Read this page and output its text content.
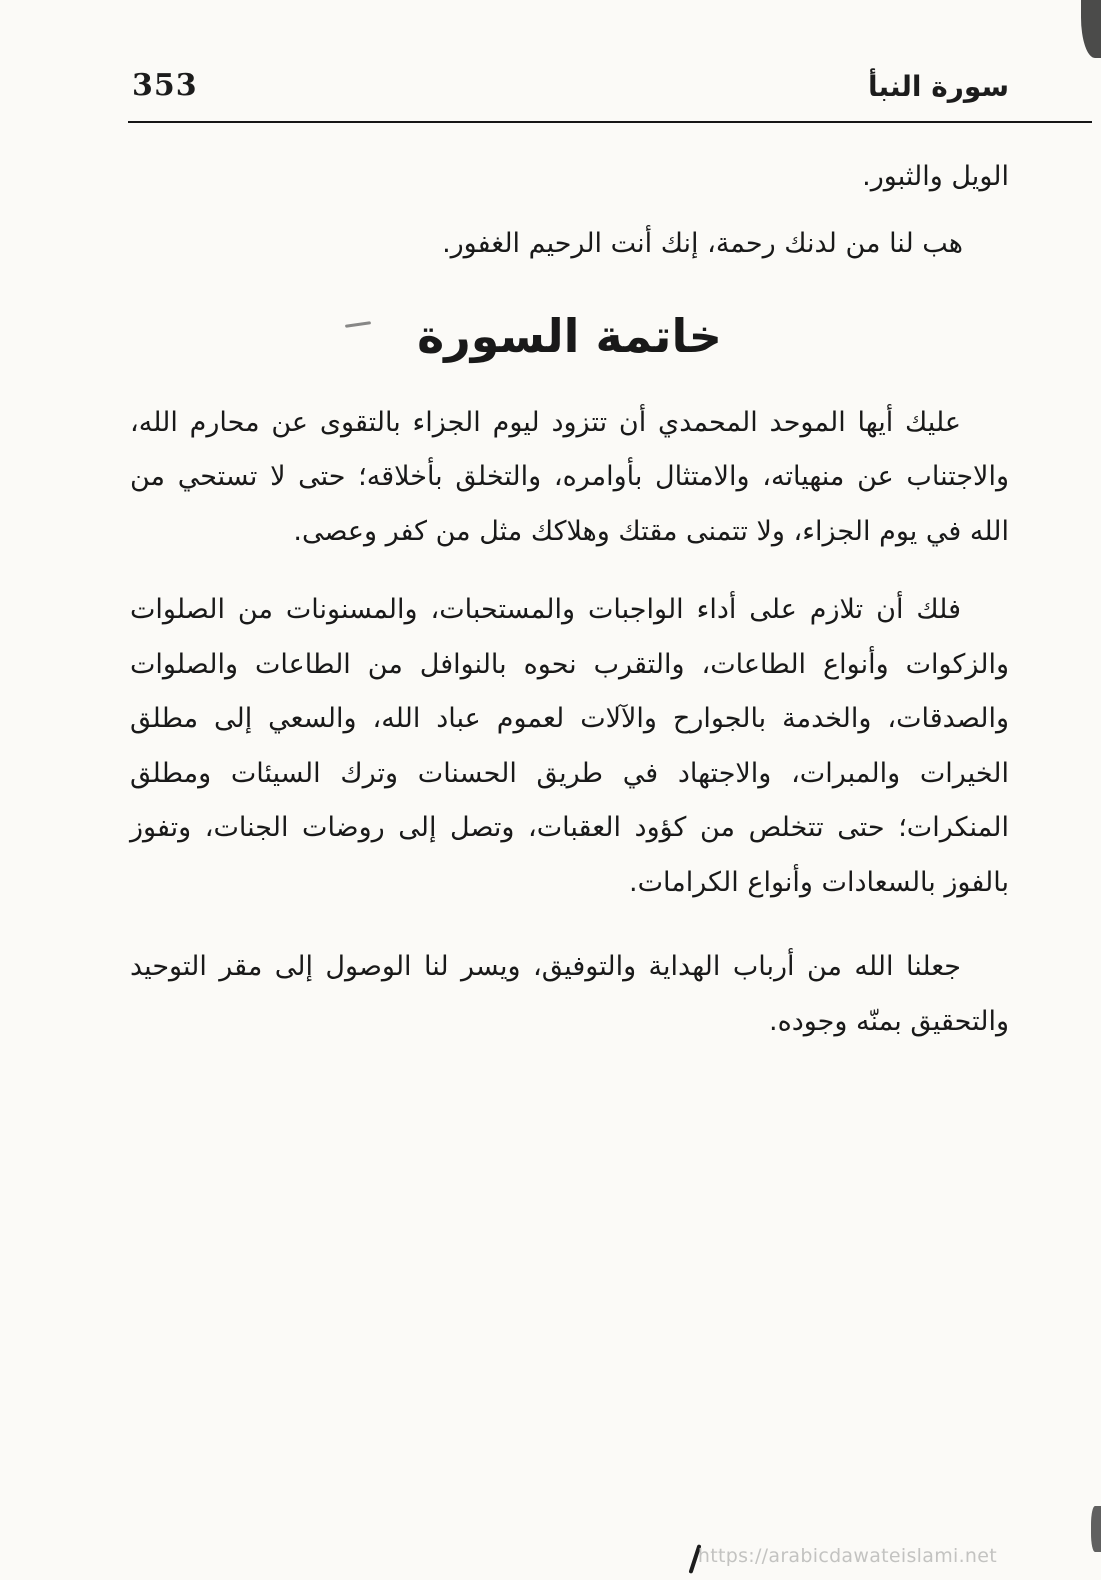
353	سورة النبأ

الويل والثبور.

هب لنا من لدنك رحمة، إنك أنت الرحيم الغفور.

خاتمة السورة

عليك أيها الموحد المحمدي أن تتزود ليوم الجزاء بالتقوى عن محارم الله، والاجتناب عن منهياته، والامتثال بأوامره، والتخلق بأخلاقه؛ حتى لا تستحي من الله في يوم الجزاء، ولا تتمنى مقتك وهلاكك مثل من كفر وعصى.

فلك أن تلازم على أداء الواجبات والمستحبات، والمسنونات من الصلوات والزكوات وأنواع الطاعات، والتقرب نحوه بالنوافل من الطاعات والصلوات والصدقات، والخدمة بالجوارح والآلات لعموم عباد الله، والسعي إلى مطلق الخيرات والمبرات، والاجتهاد في طريق الحسنات وترك السيئات ومطلق المنكرات؛ حتى تتخلص من كؤود العقبات، وتصل إلى روضات الجنات، وتفوز بالفوز بالسعادات وأنواع الكرامات.

جعلنا الله من أرباب الهداية والتوفيق، ويسر لنا الوصول إلى مقر التوحيد والتحقيق بمنّه وجوده.

https://arabicdawateislami.net
